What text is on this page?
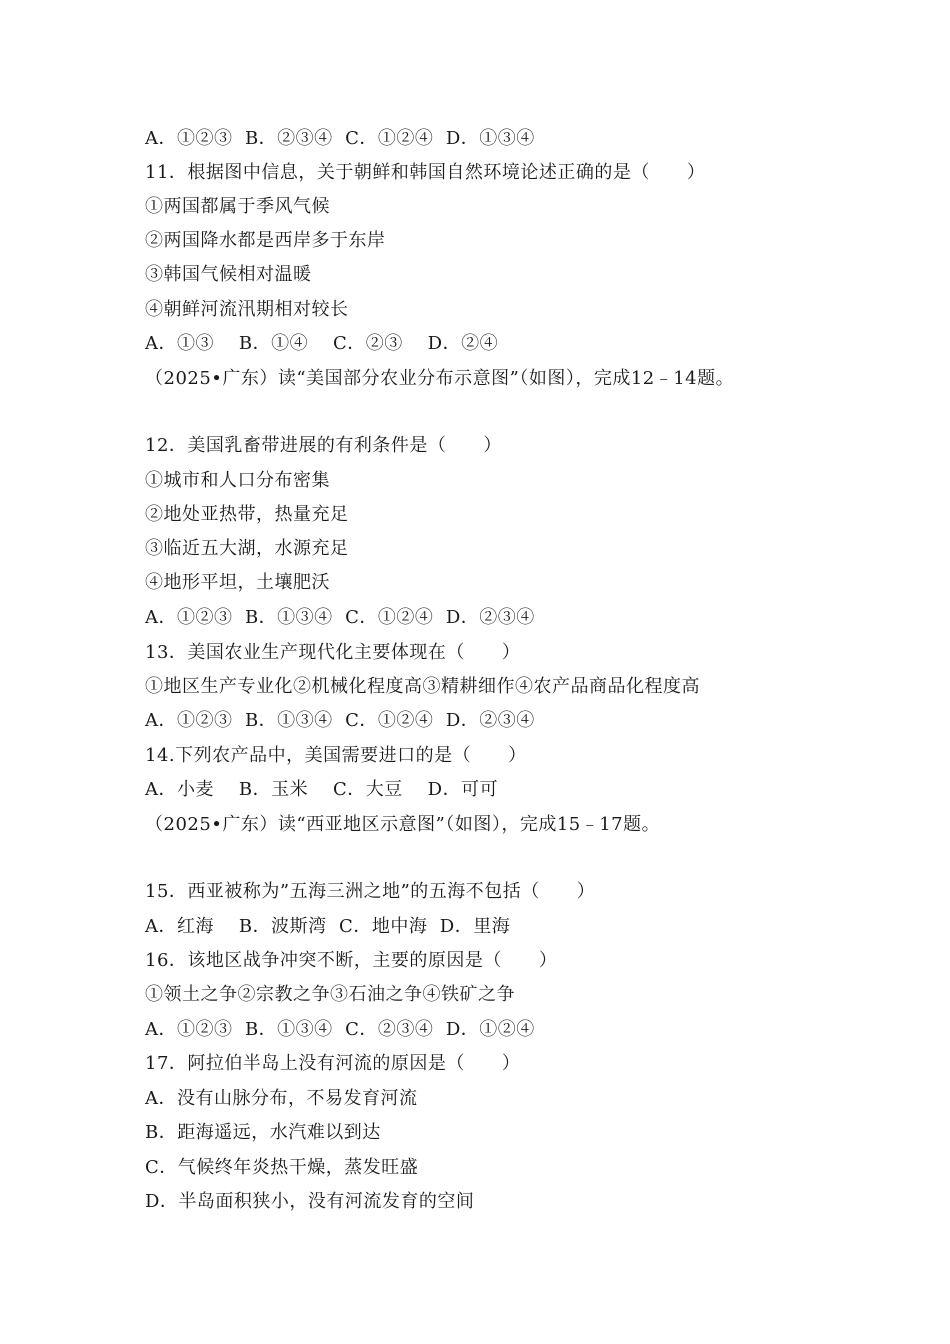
A．①②③  B．②③④  C．①②④  D．①③④
11．根据图中信息，关于朝鲜和韩国自然环境论述正确的是（　　）
①两国都属于季风气候
②两国降水都是西岸多于东岸
③韩国气候相对温暖
④朝鲜河流汛期相对较长
A．①③    B．①④    C．②③    D．②④
（2025•广东）读“美国部分农业分布示意图”（如图），完成12﹣14题。
12．美国乳畜带进展的有利条件是（　　）
①城市和人口分布密集
②地处亚热带，热量充足
③临近五大湖，水源充足
④地形平坦，土壤肥沃
A．①②③  B．①③④  C．①②④  D．②③④
13．美国农业生产现代化主要体现在（　　）
①地区生产专业化②机械化程度高③精耕细作④农产品商品化程度高
A．①②③  B．①③④  C．①②④  D．②③④
14.下列农产品中，美国需要进口的是（　　）
A．小麦    B．玉米    C．大豆    D．可可
（2025•广东）读“西亚地区示意图”（如图），完成15﹣17题。
15．西亚被称为”五海三洲之地”的五海不包括（　　）
A．红海    B．波斯湾  C．地中海  D．里海
16．该地区战争冲突不断，主要的原因是（　　）
①领土之争②宗教之争③石油之争④铁矿之争
A．①②③  B．①③④  C．②③④  D．①②④
17．阿拉伯半岛上没有河流的原因是（　　）
A．没有山脉分布，不易发育河流
B．距海遥远，水汽难以到达
C．气候终年炎热干燥，蒸发旺盛
D．半岛面积狭小，没有河流发育的空间
